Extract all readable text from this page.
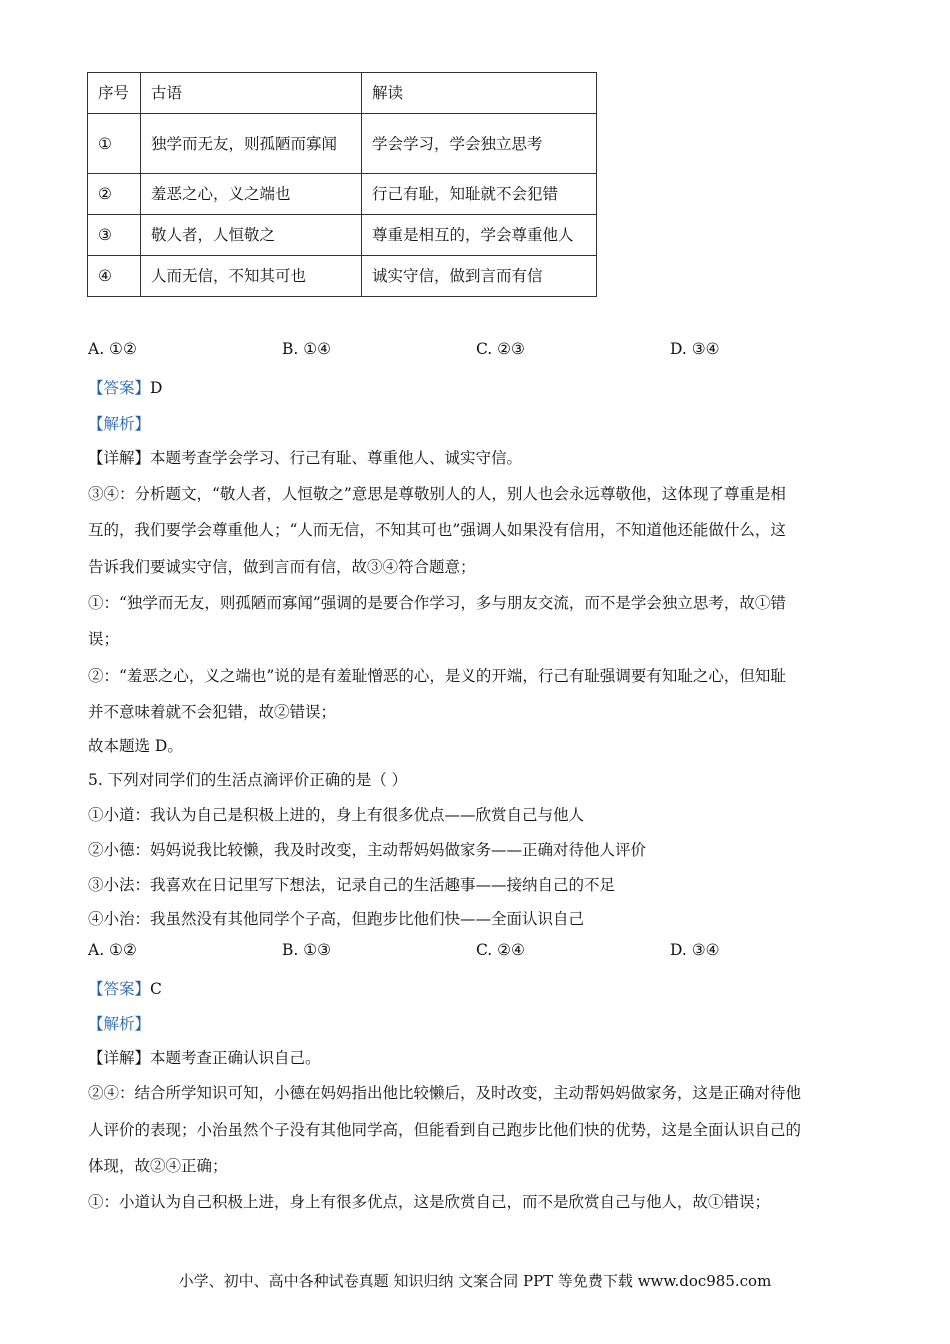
序号	古语	解读
①	独学而无友，则孤陋而寡闻	学会学习，学会独立思考
②	羞恶之心，义之端也	行己有耻，知耻就不会犯错
③	敬人者，人恒敬之	尊重是相互的，学会尊重他人
④	人而无信，不知其可也	诚实守信，做到言而有信
A. ①②	B. ①④	C. ②③	D. ③④
【答案】D
【解析】
【详解】本题考查学会学习、行己有耻、尊重他人、诚实守信。
③④：分析题文，“敬人者，人恒敬之”意思是尊敬别人的人，别人也会永远尊敬他，这体现了尊重是相
互的，我们要学会尊重他人；“人而无信，不知其可也”强调人如果没有信用，不知道他还能做什么，这
告诉我们要诚实守信，做到言而有信，故③④符合题意；
①：“独学而无友，则孤陋而寡闻”强调的是要合作学习，多与朋友交流，而不是学会独立思考，故①错
误；
②：“羞恶之心，义之端也”说的是有羞耻憎恶的心，是义的开端，行己有耻强调要有知耻之心，但知耻
并不意味着就不会犯错，故②错误；
故本题选 D。
5. 下列对同学们的生活点滴评价正确的是（ ）
①小道：我认为自己是积极上进的，身上有很多优点——欣赏自己与他人
②小德：妈妈说我比较懒，我及时改变，主动帮妈妈做家务——正确对待他人评价
③小法：我喜欢在日记里写下想法，记录自己的生活趣事——接纳自己的不足
④小治：我虽然没有其他同学个子高，但跑步比他们快——全面认识自己
A. ①②	B. ①③	C. ②④	D. ③④
【答案】C
【解析】
【详解】本题考查正确认识自己。
②④：结合所学知识可知，小德在妈妈指出他比较懒后，及时改变，主动帮妈妈做家务，这是正确对待他
人评价的表现；小治虽然个子没有其他同学高，但能看到自己跑步比他们快的优势，这是全面认识自己的
体现，故②④正确；
①：小道认为自己积极上进，身上有很多优点，这是欣赏自己，而不是欣赏自己与他人，故①错误；
小学、初中、高中各种试卷真题 知识归纳 文案合同 PPT 等免费下载 www.doc985.com
